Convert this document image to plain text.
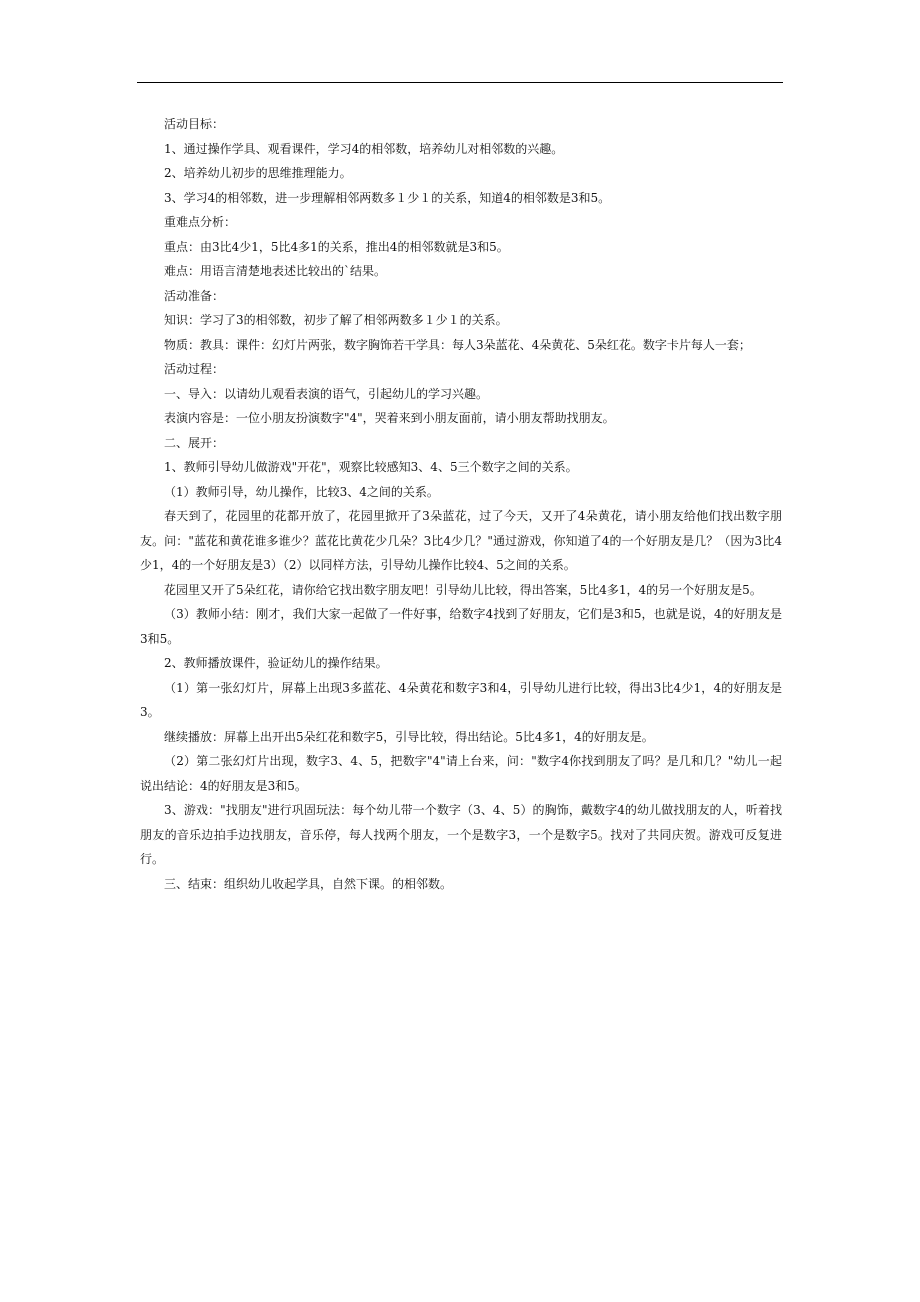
活动目标：

1、通过操作学具、观看课件，学习4的相邻数，培养幼儿对相邻数的兴趣。

2、培养幼儿初步的思维推理能力。

3、学习4的相邻数，进一步理解相邻两数多１少１的关系，知道4的相邻数是3和5。

重难点分析：

重点：由3比4少1，5比4多1的关系，推出4的相邻数就是3和5。

难点：用语言清楚地表述比较出的`结果。

活动准备：

知识：学习了3的相邻数，初步了解了相邻两数多１少１的关系。

物质：教具：课件：幻灯片两张，数字胸饰若干学具：每人3朵蓝花、4朵黄花、5朵红花。数字卡片每人一套；

活动过程：

一、导入：以请幼儿观看表演的语气，引起幼儿的学习兴趣。

表演内容是：一位小朋友扮演数字"4"，哭着来到小朋友面前，请小朋友帮助找朋友。

二、展开：

1、教师引导幼儿做游戏"开花"，观察比较感知3、4、5三个数字之间的关系。

（1）教师引导，幼儿操作，比较3、4之间的关系。

春天到了，花园里的花都开放了，花园里掀开了3朵蓝花，过了今天，又开了4朵黄花，请小朋友给他们找出数字朋友。问："蓝花和黄花谁多谁少？蓝花比黄花少几朵？3比4少几？"通过游戏，你知道了4的一个好朋友是几？（因为3比4少1，4的一个好朋友是3）（2）以同样方法，引导幼儿操作比较4、5之间的关系。

花园里又开了5朵红花，请你给它找出数字朋友吧！引导幼儿比较，得出答案，5比4多1，4的另一个好朋友是5。

（3）教师小结：刚才，我们大家一起做了一件好事，给数字4找到了好朋友，它们是3和5，也就是说，4的好朋友是3和5。

2、教师播放课件，验证幼儿的操作结果。

（1）第一张幻灯片，屏幕上出现3多蓝花、4朵黄花和数字3和4，引导幼儿进行比较，得出3比4少1，4的好朋友是3。

继续播放：屏幕上出开出5朵红花和数字5，引导比较，得出结论。5比4多1，4的好朋友是。

（2）第二张幻灯片出现，数字3、4、5，把数字"4"请上台来，问："数字4你找到朋友了吗？是几和几？"幼儿一起说出结论：4的好朋友是3和5。

3、游戏："找朋友"进行巩固玩法：每个幼儿带一个数字（3、4、5）的胸饰，戴数字4的幼儿做找朋友的人，听着找朋友的音乐边拍手边找朋友，音乐停，每人找两个朋友，一个是数字3，一个是数字5。找对了共同庆贺。游戏可反复进行。

三、结束：组织幼儿收起学具，自然下课。的相邻数。
